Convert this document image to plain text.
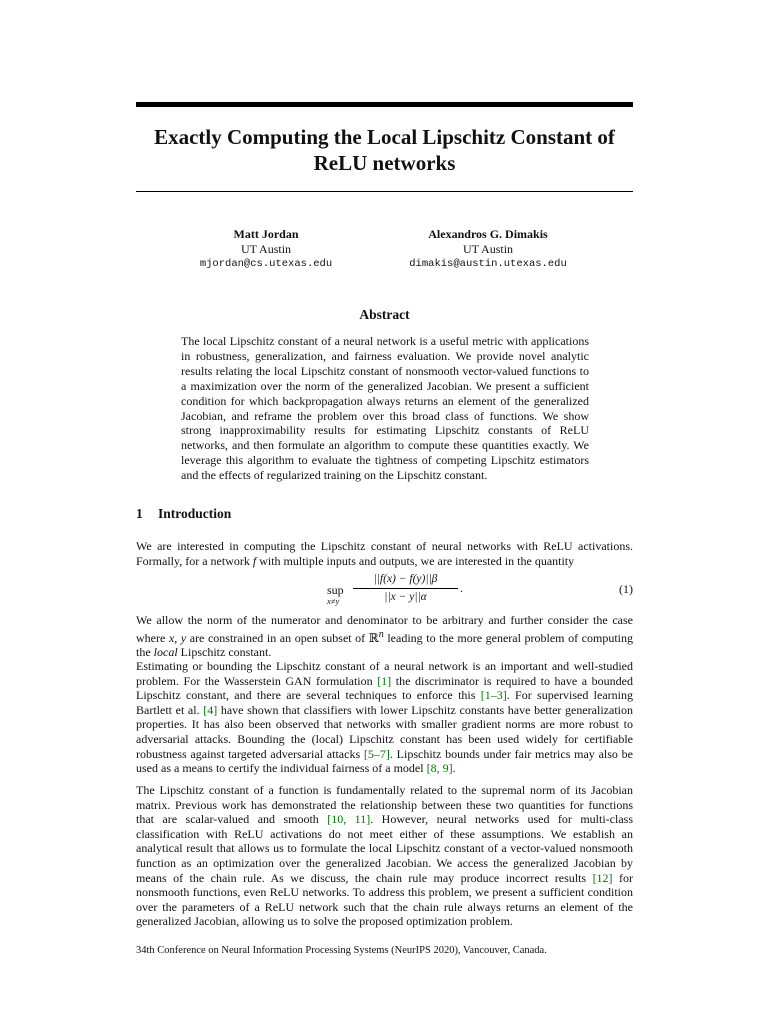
Exactly Computing the Local Lipschitz Constant of ReLU networks
Matt Jordan
UT Austin
mjordan@cs.utexas.edu
Alexandros G. Dimakis
UT Austin
dimakis@austin.utexas.edu
Abstract
The local Lipschitz constant of a neural network is a useful metric with applications in robustness, generalization, and fairness evaluation. We provide novel analytic results relating the local Lipschitz constant of nonsmooth vector-valued functions to a maximization over the norm of the generalized Jacobian. We present a sufficient condition for which backpropagation always returns an element of the generalized Jacobian, and reframe the problem over this broad class of functions. We show strong inapproximability results for estimating Lipschitz constants of ReLU networks, and then formulate an algorithm to compute these quantities exactly. We leverage this algorithm to evaluate the tightness of competing Lipschitz estimators and the effects of regularized training on the Lipschitz constant.
1 Introduction
We are interested in computing the Lipschitz constant of neural networks with ReLU activations. Formally, for a network f with multiple inputs and outputs, we are interested in the quantity
sup
x≠y
||f(x) − f(y)||β
||x − y||α
.	(1)
We allow the norm of the numerator and denominator to be arbitrary and further consider the case where x, y are constrained in an open subset of ℝ$^n$ leading to the more general problem of computing the local Lipschitz constant.
Estimating or bounding the Lipschitz constant of a neural network is an important and well-studied problem. For the Wasserstein GAN formulation [1] the discriminator is required to have a bounded Lipschitz constant, and there are several techniques to enforce this [1–3]. For supervised learning Bartlett et al. [4] have shown that classifiers with lower Lipschitz constants have better generalization properties. It has also been observed that networks with smaller gradient norms are more robust to adversarial attacks. Bounding the (local) Lipschitz constant has been used widely for certifiable robustness against targeted adversarial attacks [5–7]. Lipschitz bounds under fair metrics may also be used as a means to certify the individual fairness of a model [8, 9].
The Lipschitz constant of a function is fundamentally related to the supremal norm of its Jacobian matrix. Previous work has demonstrated the relationship between these two quantities for functions that are scalar-valued and smooth [10, 11]. However, neural networks used for multi-class classification with ReLU activations do not meet either of these assumptions. We establish an analytical result that allows us to formulate the local Lipschitz constant of a vector-valued nonsmooth function as an optimization over the generalized Jacobian. We access the generalized Jacobian by means of the chain rule. As we discuss, the chain rule may produce incorrect results [12] for nonsmooth functions, even ReLU networks. To address this problem, we present a sufficient condition over the parameters of a ReLU network such that the chain rule always returns an element of the generalized Jacobian, allowing us to solve the proposed optimization problem.
34th Conference on Neural Information Processing Systems (NeurIPS 2020), Vancouver, Canada.
